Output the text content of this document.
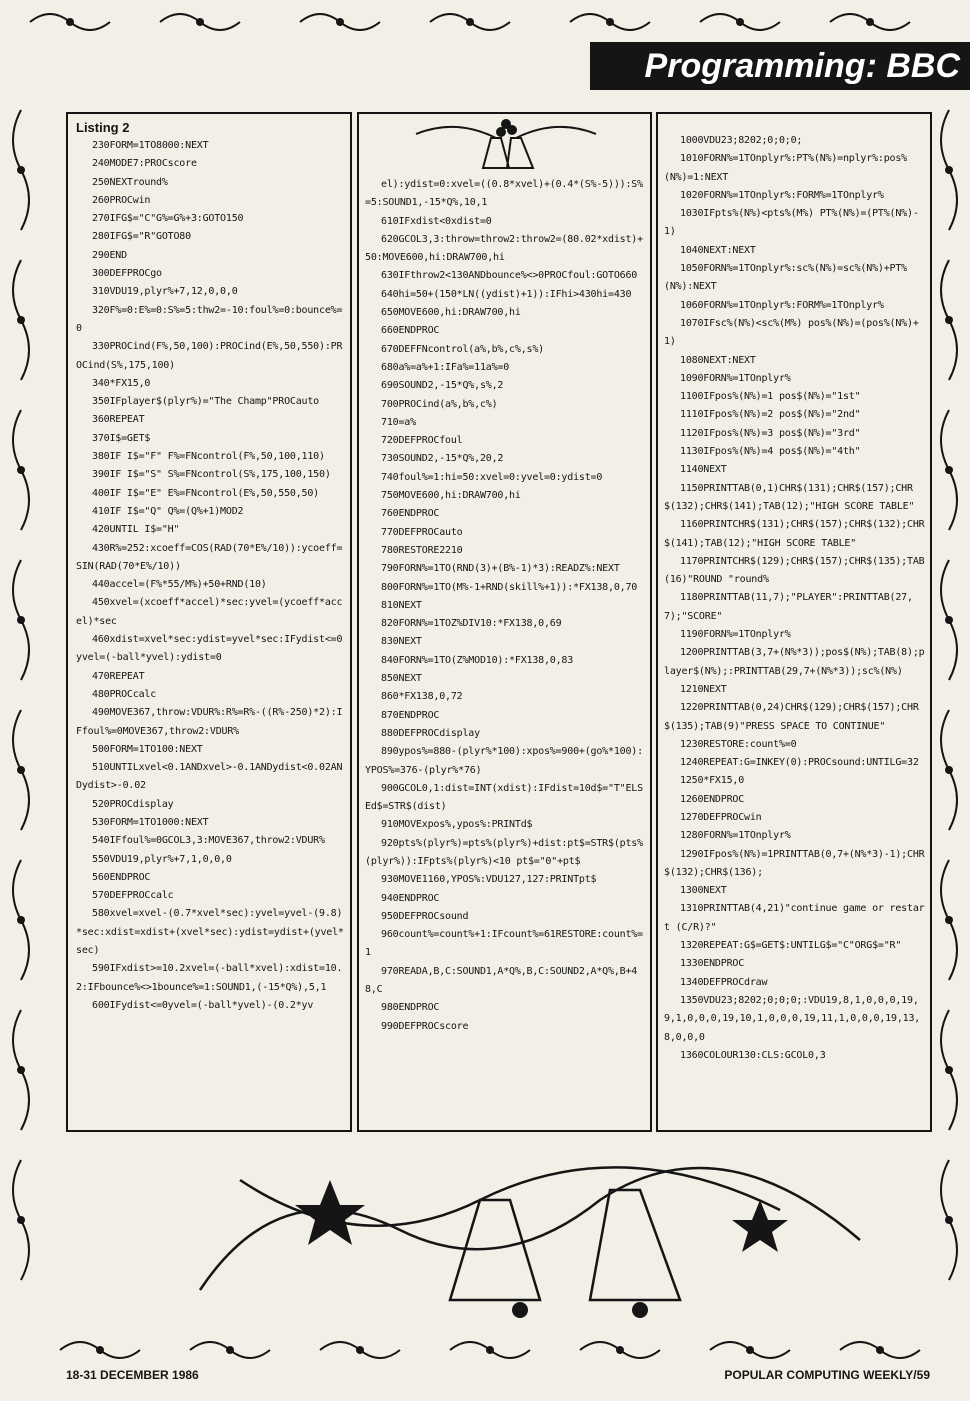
Programming: BBC
Listing 2
230FORM=1TO8000:NEXT
240MODE7:PROCscore
250NEXTround%
260PROCwin
270IFG$="C"G%=G%+3:GOTO150
280IFG$="R"GOTO80
290END
300DEFPROCgo
310VDU19,plyr%+7,12,0,0,0
320F%=0:E%=0:S%=5:thw2=-10:foul%=0:bounce%=0
330PROCind(F%,50,100):PROCind(E%,50,550):PROCind(S%,175,100)
340*FX15,0
350IFplayer$(plyr%)="The Champ"PROCauto
360REPEAT
370I$=GET$
380IF I$="F" F%=FNcontrol(F%,50,100,110)
390IF I$="S" S%=FNcontrol(S%,175,100,150)
400IF I$="E" E%=FNcontrol(E%,50,550,50)
410IF I$="Q" Q%=(Q%+1)MOD2
420UNTIL I$="H"
430R%=252:xcoeff=COS(RAD(70*E%/10)):ycoeff=SIN(RAD(70*E%/10))
440accel=(F%*55/M%)+50+RND(10)
450xvel=(xcoeff*accel)*sec:yvel=(ycoeff*accel)*sec
460xdist=xvel*sec:ydist=yvel*sec:IFydist<=0yvel=(-ball*yvel):ydist=0
470REPEAT
480PROCcalc
490MOVE367,throw:VDUR%:R%=R%-((R%-250)*2):IFfoul%=0MOVE367,throw2:VDUR%
500FORM=1TO100:NEXT
510UNTILxvel<0.1ANDxvel>-0.1ANDydist<0.02ANDydist>-0.02
520PROCdisplay
530FORM=1TO1000:NEXT
540IFfoul%=0GCOL3,3:MOVE367,throw2:VDUR%
550VDU19,plyr%+7,1,0,0,0
560ENDPROC
570DEFPROCcalc
580xvel=xvel-(0.7*xvel*sec):yvel=yvel-(9.8)*sec:xdist=xdist+(xvel*sec):ydist=ydist+(yvel*sec)
590IFxdist>=10.2xvel=(-ball*xvel):xdist=10.2:IFbounce%<>1bounce%=1:SOUND1,(-15*Q%),5,1
600IFydist<=0yvel=(-ball*yvel)-(0.2*yv
el):ydist=0:xvel=((0.8*xvel)+(0.4*(S%-5))):S%=5:SOUND1,-15*Q%,10,1
610IFxdist<0xdist=0
620GCOL3,3:throw=throw2:throw2=(80.02*xdist)+50:MOVE600,hi:DRAW700,hi
630IFthrow2<130ANDbounce%<>0PROCfoul:GOTO660
640hi=50+(150*LN((ydist)+1)):IFhi>430hi=430
650MOVE600,hi:DRAW700,hi
660ENDPROC
670DEFFNcontrol(a%,b%,c%,s%)
680a%=a%+1:IFa%=11a%=0
690SOUND2,-15*Q%,s%,2
700PROCind(a%,b%,c%)
710=a%
720DEFPROCfoul
730SOUND2,-15*Q%,20,2
740foul%=1:hi=50:xvel=0:yvel=0:ydist=0
750MOVE600,hi:DRAW700,hi
760ENDPROC
770DEFPROCauto
780RESTORE2210
790FORN%=1TO(RND(3)+(B%-1)*3):READZ%:NEXT
800FORN%=1TO(M%-1+RND(skill%+1)):*FX138,0,70
810NEXT
820FORN%=1TOZ%DIV10:*FX138,0,69
830NEXT
840FORN%=1TO(Z%MOD10):*FX138,0,83
850NEXT
860*FX138,0,72
870ENDPROC
880DEFPROCdisplay
890ypos%=880-(plyr%*100):xpos%=900+(go%*100):YPOS%=376-(plyr%*76)
900GCOL0,1:dist=INT(xdist):IFdist=10d$="T"ELSEd$=STR$(dist)
910MOVExpos%,ypos%:PRINTd$
920pts%(plyr%)=pts%(plyr%)+dist:pt$=STR$(pts%(plyr%)):IFpts%(plyr%)<10 pt$="0"+pt$
930MOVE1160,YPOS%:VDU127,127:PRINTpt$
940ENDPROC
950DEFPROCsound
960count%=count%+1:IFcount%=61RESTORE:count%=1
970READA,B,C:SOUND1,A*Q%,B,C:SOUND2,A*Q%,B+48,C
980ENDPROC
990DEFPROCscore
1000VDU23;8202;0;0;0;
1010FORN%=1TOnplyr%:PT%(N%)=nplyr%:pos%(N%)=1:NEXT
1020FORN%=1TOnplyr%:FORM%=1TOnplyr%
1030IFpts%(N%)<pts%(M%) PT%(N%)=(PT%(N%)-1)
1040NEXT:NEXT
1050FORN%=1TOnplyr%:sc%(N%)=sc%(N%)+PT%(N%):NEXT
1060FORN%=1TOnplyr%:FORM%=1TOnplyr%
1070IFsc%(N%)<sc%(M%) pos%(N%)=(pos%(N%)+1)
1080NEXT:NEXT
1090FORN%=1TOnplyr%
1100IFpos%(N%)=1 pos$(N%)="1st"
1110IFpos%(N%)=2 pos$(N%)="2nd"
1120IFpos%(N%)=3 pos$(N%)="3rd"
1130IFpos%(N%)=4 pos$(N%)="4th"
1140NEXT
1150PRINTTAB(0,1)CHR$(131);CHR$(157);CHR$(132);CHR$(141);TAB(12);"HIGH SCORE TABLE"
1160PRINTCHR$(131);CHR$(157);CHR$(132);CHR$(141);TAB(12);"HIGH SCORE TABLE"
1170PRINTCHR$(129);CHR$(157);CHR$(135);TAB(16)"ROUND "round%
1180PRINTTAB(11,7);"PLAYER":PRINTTAB(27,7);"SCORE"
1190FORN%=1TOnplyr%
1200PRINTTAB(3,7+(N%*3));pos$(N%);TAB(8);player$(N%);:PRINTTAB(29,7+(N%*3));sc%(N%)
1210NEXT
1220PRINTTAB(0,24)CHR$(129);CHR$(157);CHR$(135);TAB(9)"PRESS SPACE TO CONTINUE"
1230RESTORE:count%=0
1240REPEAT:G=INKEY(0):PROCsound:UNTILG=32
1250*FX15,0
1260ENDPROC
1270DEFPROCwin
1280FORN%=1TOnplyr%
1290IFpos%(N%)=1PRINTTAB(0,7+(N%*3)-1);CHR$(132);CHR$(136);
1300NEXT
1310PRINTTAB(4,21)"continue game or restart (C/R)?"
1320REPEAT:G$=GET$:UNTILG$="C"ORG$="R"
1330ENDPROC
1340DEFPROCdraw
1350VDU23;8202;0;0;0;:VDU19,8,1,0,0,0,19,9,1,0,0,0,19,10,1,0,0,0,19,11,1,0,0,0,19,13,8,0,0,0
1360COLOUR130:CLS:GCOL0,3
18-31 DECEMBER 1986	POPULAR COMPUTING WEEKLY/59
